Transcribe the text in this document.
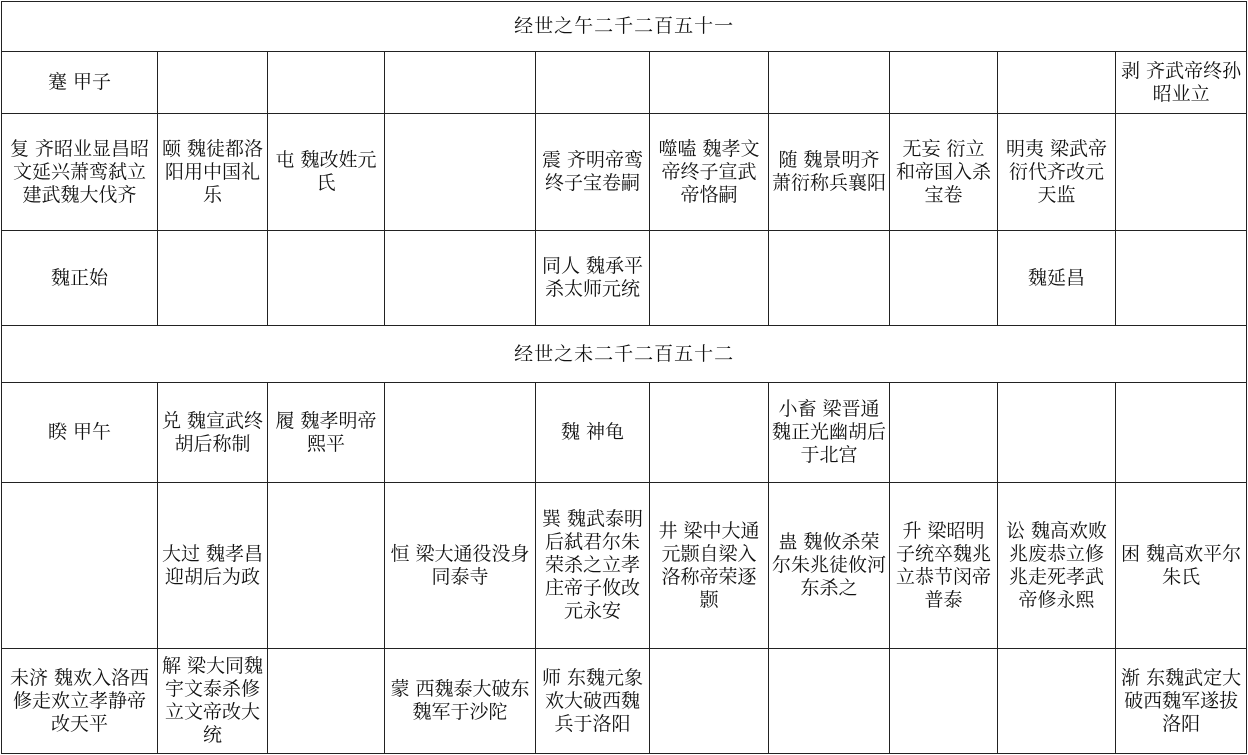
经世之午二千二百五十一									
蹇 甲子									剥 齐武帝终孙昭业立
复 齐昭业显昌昭文延兴萧鸾弑立建武魏大伐齐	颐 魏徒都洛阳用中国礼乐	屯 魏改姓元氏		震 齐明帝鸾终子宝卷嗣	噬嗑 魏孝文帝终子宣武帝恪嗣	随 魏景明齐萧衍称兵襄阳	无妄 衍立和帝国入杀宝卷	明夷 梁武帝衍代齐改元天监	
魏正始				同人 魏承平杀太师元统				魏延昌	
经世之未二千二百五十二									
睽 甲午	兑 魏宣武终胡后称制	履 魏孝明帝熙平		魏 神龟		小畜 梁晋通魏正光幽胡后于北宫			
	大过 魏孝昌迎胡后为政		恒 梁大通役没身同泰寺	巽 魏武泰明后弑君尔朱荣杀之立孝庄帝子攸改元永安	井 梁中大通元颢自梁入洛称帝荣逐颢	蛊 魏攸杀荣尔朱兆徒攸河东杀之	升 梁昭明子统卒魏兆立恭节闵帝普泰	讼 魏高欢败兆废恭立修兆走死孝武帝修永熙	困 魏高欢平尔朱氏
未济 魏欢入洛西修走欢立孝静帝改天平	解 梁大同魏宇文泰杀修立文帝改大统		蒙 西魏泰大破东魏军于沙陀	师 东魏元象欢大破西魏兵于洛阳					渐 东魏武定大破西魏军遂拔洛阳
